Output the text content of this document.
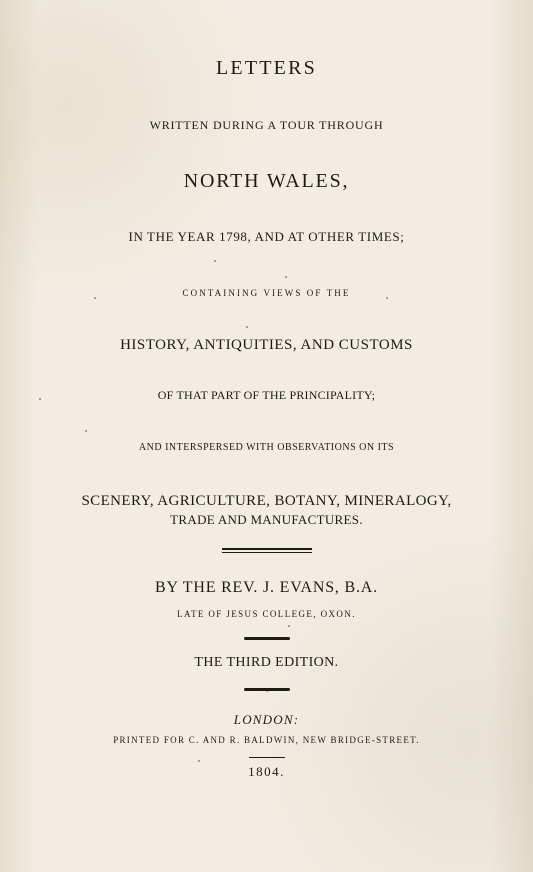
LETTERS
WRITTEN DURING A TOUR THROUGH
NORTH WALES,
IN THE YEAR 1798, AND AT OTHER TIMES;
CONTAINING VIEWS OF THE
HISTORY, ANTIQUITIES, AND CUSTOMS
OF THAT PART OF THE PRINCIPALITY;
AND INTERSPERSED WITH OBSERVATIONS ON ITS
SCENERY, AGRICULTURE, BOTANY, MINERALOGY,
TRADE AND MANUFACTURES.
BY THE REV. J. EVANS, B.A.
LATE OF JESUS COLLEGE, OXON.
THE THIRD EDITION.
LONDON:
PRINTED FOR C. AND R. BALDWIN, NEW BRIDGE-STREET.
1804.
